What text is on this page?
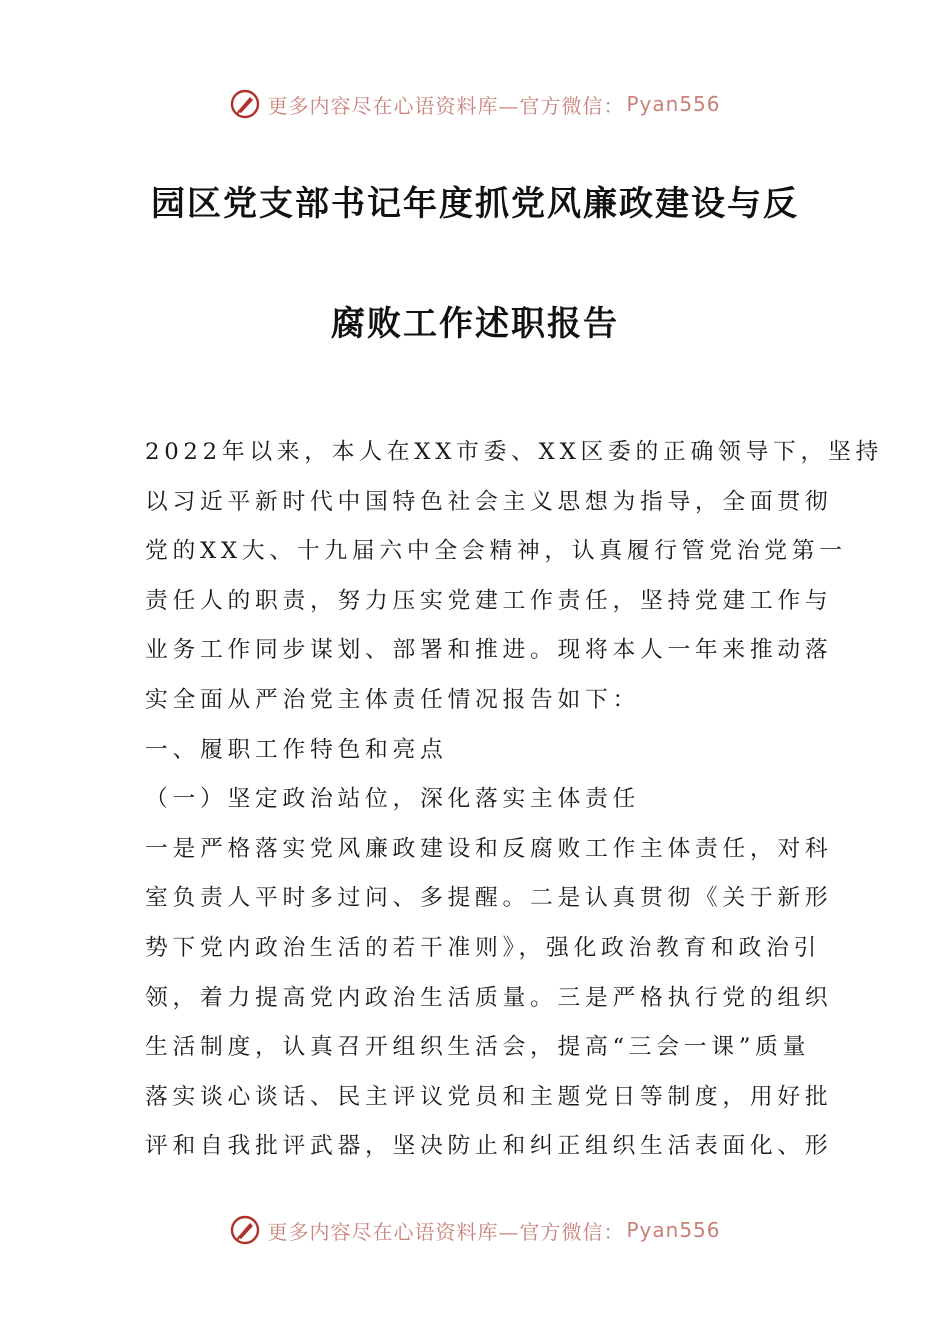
更多内容尽在心语资料库—官方微信： Pyan556
园区党支部书记年度抓党风廉政建设与反
腐败工作述职报告
2022年以来，本人在XX市委、XX区委的正确领导下，坚持
以习近平新时代中国特色社会主义思想为指导，全面贯彻
党的XX大、十九届六中全会精神，认真履行管党治党第一
责任人的职责，努力压实党建工作责任，坚持党建工作与
业务工作同步谋划、部署和推进。现将本人一年来推动落
实全面从严治党主体责任情况报告如下：
一、履职工作特色和亮点
（一）坚定政治站位，深化落实主体责任
一是严格落实党风廉政建设和反腐败工作主体责任，对科
室负责人平时多过问、多提醒。二是认真贯彻《关于新形
势下党内政治生活的若干准则》，强化政治教育和政治引
领，着力提高党内政治生活质量。三是严格执行党的组织
生活制度，认真召开组织生活会，提高“三会一课”质量
落实谈心谈话、民主评议党员和主题党日等制度，用好批
评和自我批评武器，坚决防止和纠正组织生活表面化、形
更多内容尽在心语资料库—官方微信： Pyan556
